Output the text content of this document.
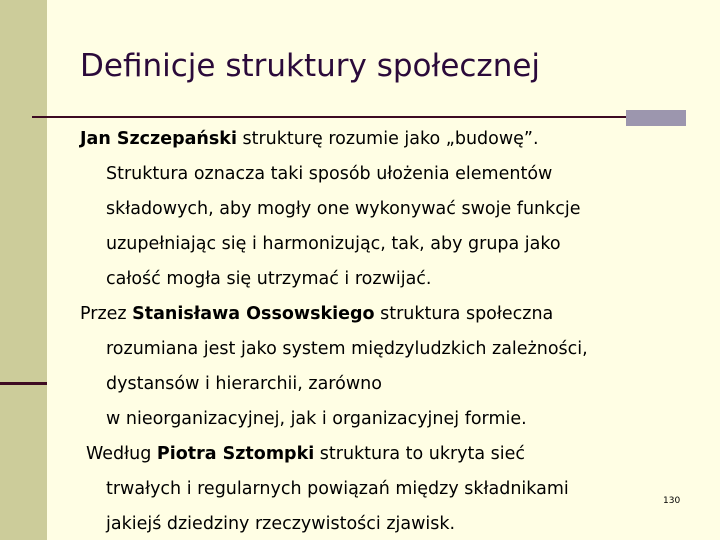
Definicje struktury społecznej
Jan Szczepański strukturę rozumie jako „budowę”.
Struktura oznacza taki sposób ułożenia elementów
składowych, aby mogły one wykonywać swoje funkcje
uzupełniając się i harmonizując, tak, aby grupa jako
całość mogła się utrzymać i rozwijać.
Przez Stanisława Ossowskiego struktura społeczna
rozumiana jest jako system międzyludzkich zależności,
dystansów i hierarchii, zarówno
w nieorganizacyjnej, jak i organizacyjnej formie.
Według Piotra Sztompki struktura to ukryta sieć
trwałych i regularnych powiązań między składnikami
jakiejś dziedziny rzeczywistości zjawisk.
130
